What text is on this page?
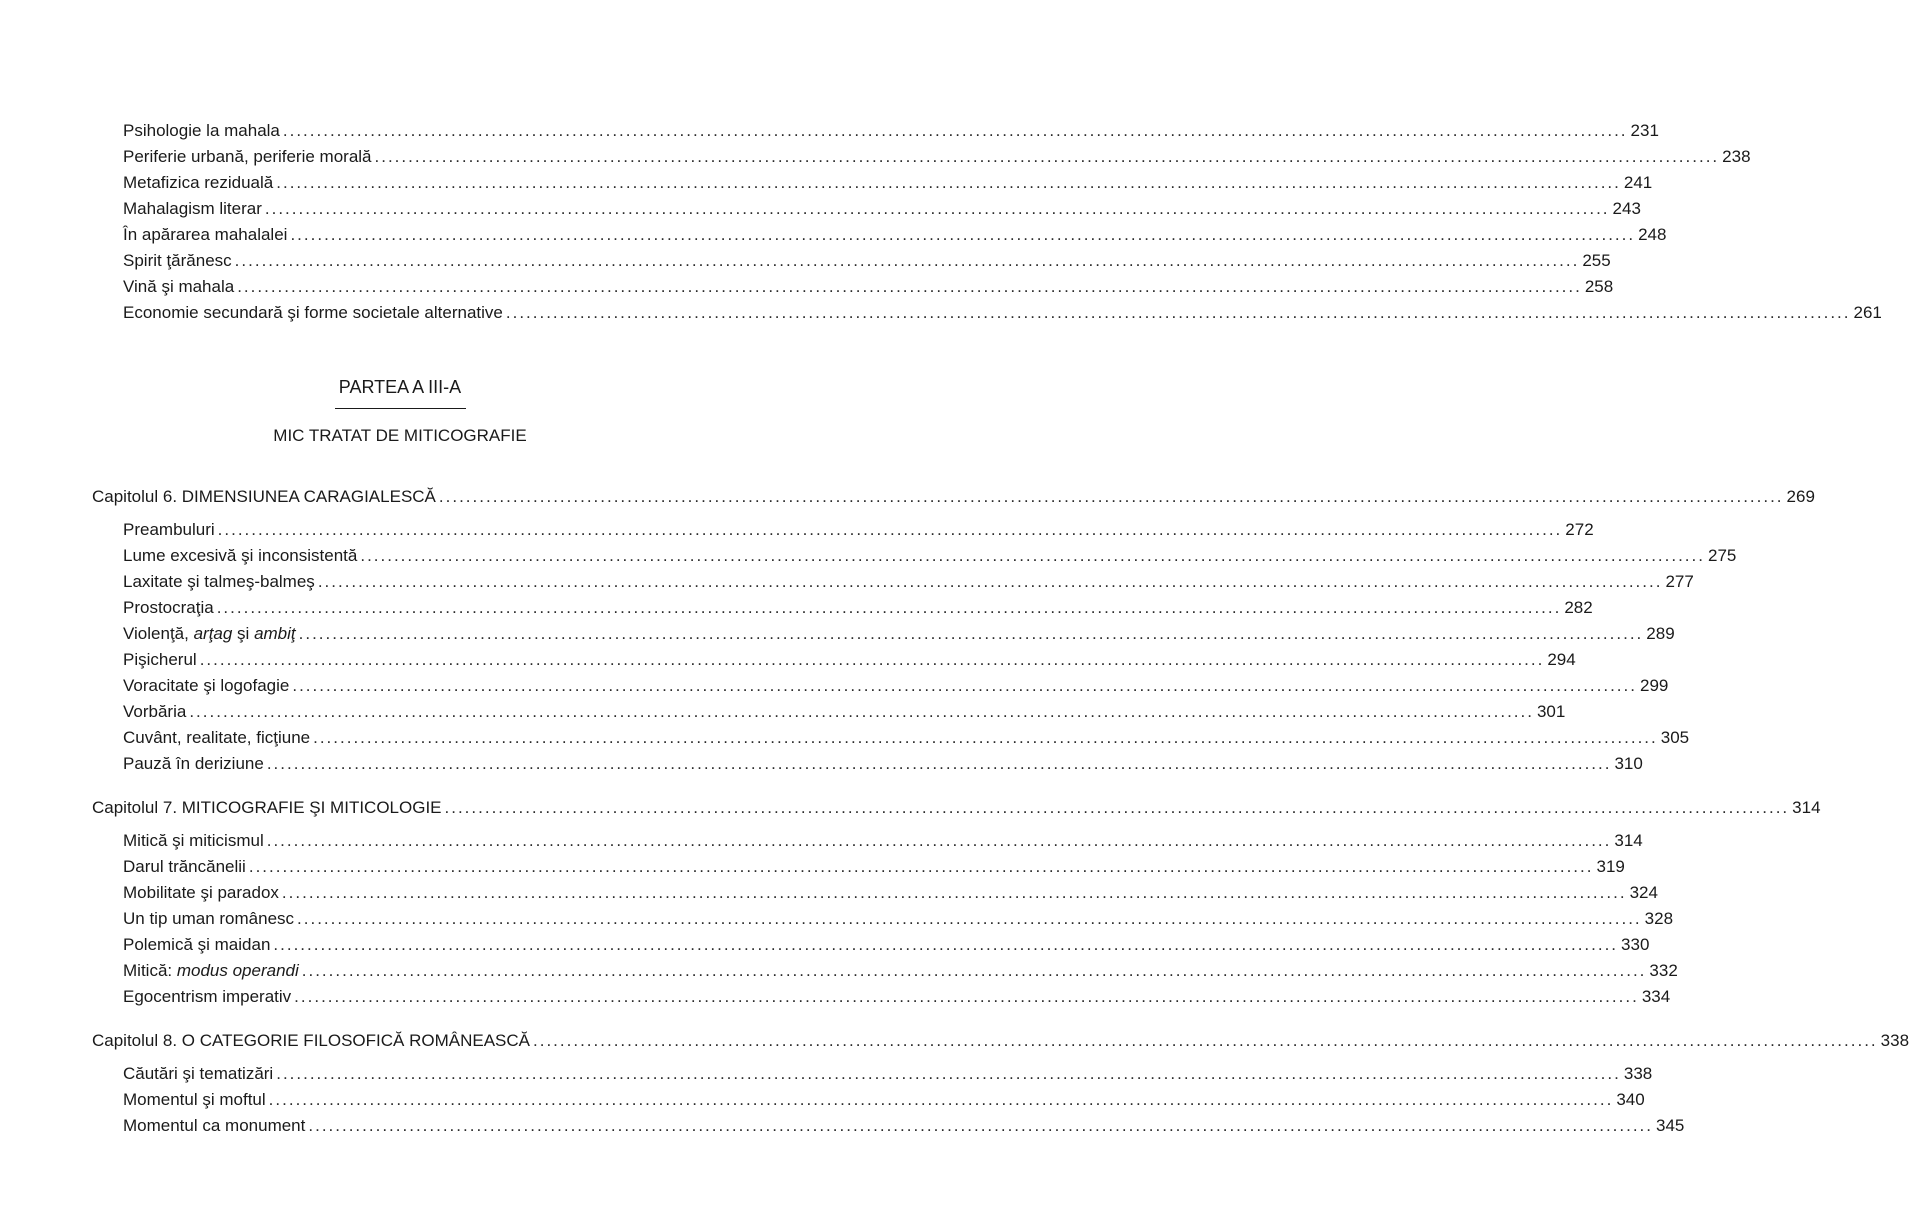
Psihologie la mahala ........................................................................................................................................................................................................ 231
Periferie urbană, periferie morală ........................................................................................................................................................................................................ 238
Metafizica reziduală ........................................................................................................................................................................................................ 241
Mahalagism literar ........................................................................................................................................................................................................ 243
În apărarea mahalalei ........................................................................................................................................................................................................ 248
Spirit ţărănesc ........................................................................................................................................................................................................ 255
Vină şi mahala ........................................................................................................................................................................................................ 258
Economie secundară şi forme societale alternative ........................................................................................................................................................................................................ 261
PARTEA A III-A
MIC TRATAT DE MITICOGRAFIE
Capitolul 6. DIMENSIUNEA CARAGIALESCĂ ........................................................................................................................................................................................................ 269
Preambuluri ........................................................................................................................................................................................................ 272
Lume excesivă şi inconsistentă ........................................................................................................................................................................................................ 275
Laxitate şi talmeş-balmeş ........................................................................................................................................................................................................ 277
Prostocraţia ........................................................................................................................................................................................................ 282
Violenţă, arţag şi ambiţ ........................................................................................................................................................................................................ 289
Pişicherul ........................................................................................................................................................................................................ 294
Voracitate şi logofagie ........................................................................................................................................................................................................ 299
Vorbăria ........................................................................................................................................................................................................ 301
Cuvânt, realitate, ficţiune ........................................................................................................................................................................................................ 305
Pauză în deriziune ........................................................................................................................................................................................................ 310
Capitolul 7. MITICOGRAFIE ŞI MITICOLOGIE ........................................................................................................................................................................................................ 314
Mitică şi miticismul ........................................................................................................................................................................................................ 314
Darul trăncănelii ........................................................................................................................................................................................................ 319
Mobilitate şi paradox ........................................................................................................................................................................................................ 324
Un tip uman românesc ........................................................................................................................................................................................................ 328
Polemică şi maidan ........................................................................................................................................................................................................ 330
Mitică: modus operandi ........................................................................................................................................................................................................ 332
Egocentrism imperativ ........................................................................................................................................................................................................ 334
Capitolul 8. O CATEGORIE FILOSOFICĂ ROMÂNEASCĂ ........................................................................................................................................................................................................ 338
Căutări şi tematizări ........................................................................................................................................................................................................ 338
Momentul şi moftul ........................................................................................................................................................................................................ 340
Momentul ca monument ........................................................................................................................................................................................................ 345
